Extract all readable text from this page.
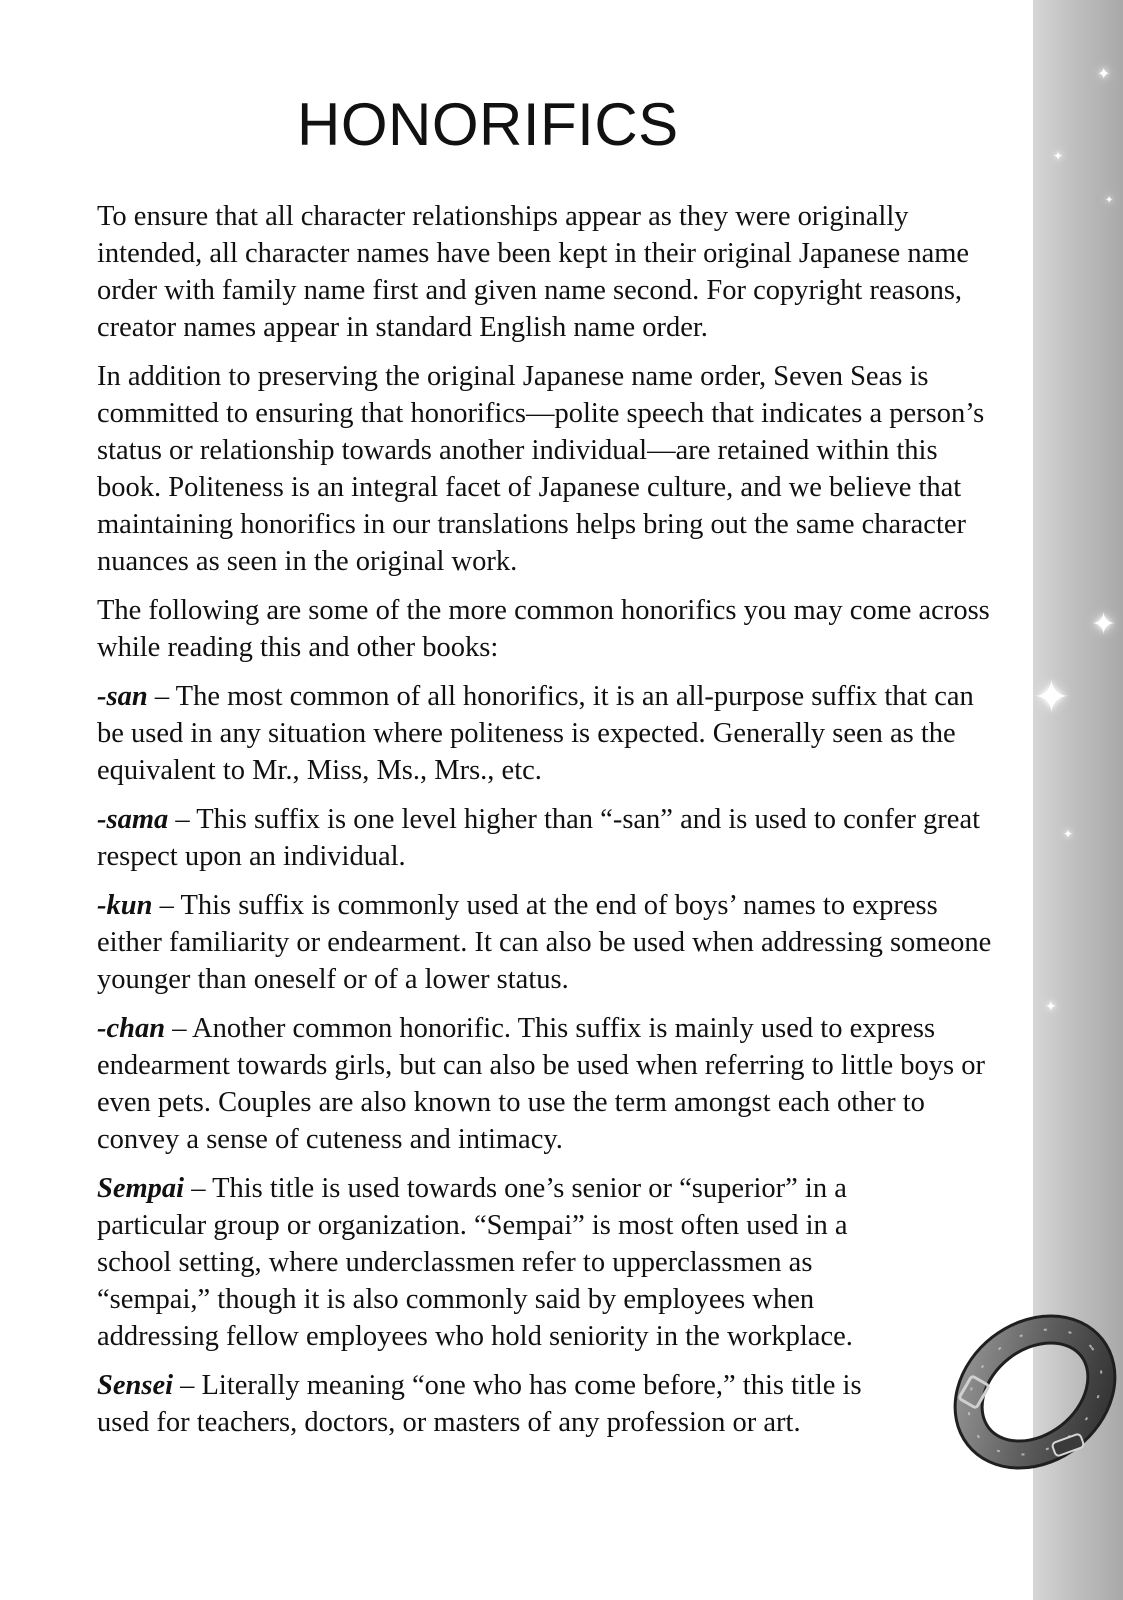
✦
✦
✦
✦
✦
✦
✦
HONORIFICS

To ensure that all character relationships appear as they were originally intended, all character names have been kept in their original Japanese name order with family name first and given name second. For copyright reasons, creator names appear in standard English name order.

In addition to preserving the original Japanese name order, Seven Seas is committed to ensuring that honorifics—polite speech that indicates a person’s status or relationship towards another individual—are retained within this book. Politeness is an integral facet of Japanese culture, and we believe that maintaining honorifics in our translations helps bring out the same character nuances as seen in the original work.

The following are some of the more common honorifics you may come across while reading this and other books:

-san – The most common of all honorifics, it is an all-purpose suffix that can be used in any situation where politeness is expected. Generally seen as the equivalent to Mr., Miss, Ms., Mrs., etc.

-sama – This suffix is one level higher than “-san” and is used to confer great respect upon an individual.

-kun – This suffix is commonly used at the end of boys’ names to express either familiarity or endearment. It can also be used when addressing someone younger than oneself or of a lower status.

-chan – Another common honorific. This suffix is mainly used to express endearment towards girls, but can also be used when referring to little boys or even pets. Couples are also known to use the term amongst each other to convey a sense of cuteness and intimacy.

Sempai – This title is used towards one’s senior or “superior” in a particular group or organization. “Sempai” is most often used in a school setting, where underclassmen refer to upperclassmen as “sempai,” though it is also commonly said by employees when addressing fellow employees who hold seniority in the workplace.

Sensei – Literally meaning “one who has come before,” this title is used for teachers, doctors, or masters of any profession or art.
